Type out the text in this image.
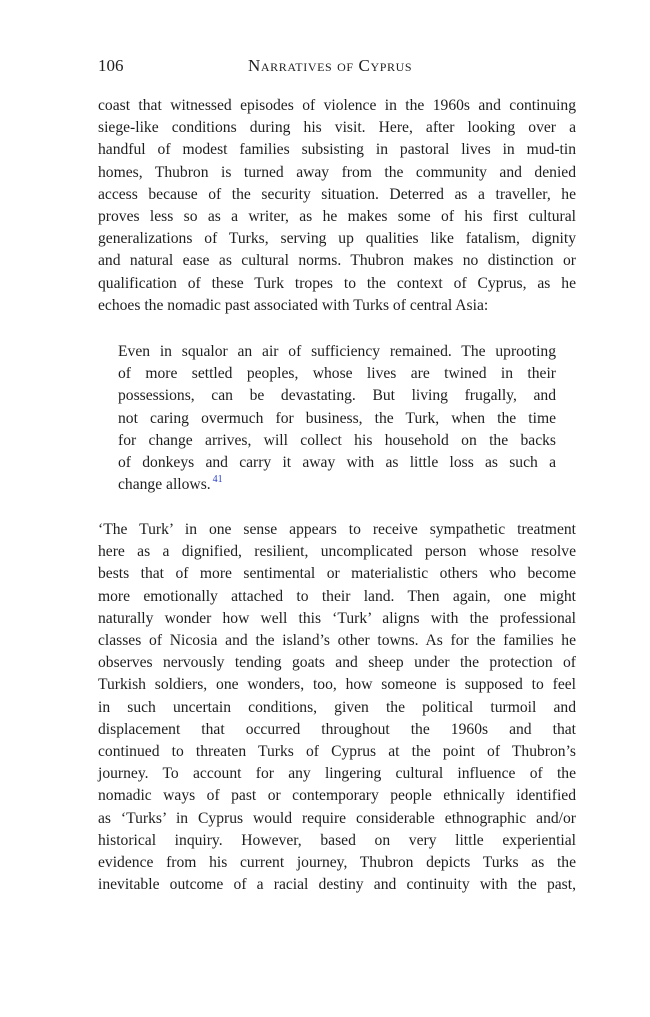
106	Narratives of Cyprus
coast that witnessed episodes of violence in the 1960s and continuing
siege-like conditions during his visit. Here, after looking over a
handful of modest families subsisting in pastoral lives in mud-tin
homes, Thubron is turned away from the community and denied
access because of the security situation. Deterred as a traveller, he
proves less so as a writer, as he makes some of his first cultural
generalizations of Turks, serving up qualities like fatalism, dignity
and natural ease as cultural norms. Thubron makes no distinction or
qualification of these Turk tropes to the context of Cyprus, as he
echoes the nomadic past associated with Turks of central Asia:
Even in squalor an air of sufficiency remained. The uprooting
of more settled peoples, whose lives are twined in their
possessions, can be devastating. But living frugally, and
not caring overmuch for business, the Turk, when the time
for change arrives, will collect his household on the backs
of donkeys and carry it away with as little loss as such a
change allows. $^{41}$
‘The Turk’ in one sense appears to receive sympathetic treatment
here as a dignified, resilient, uncomplicated person whose resolve
bests that of more sentimental or materialistic others who become
more emotionally attached to their land. Then again, one might
naturally wonder how well this ‘Turk’ aligns with the professional
classes of Nicosia and the island’s other towns. As for the families he
observes nervously tending goats and sheep under the protection of
Turkish soldiers, one wonders, too, how someone is supposed to feel
in such uncertain conditions, given the political turmoil and
displacement that occurred throughout the 1960s and that
continued to threaten Turks of Cyprus at the point of Thubron’s
journey. To account for any lingering cultural influence of the
nomadic ways of past or contemporary people ethnically identified
as ‘Turks’ in Cyprus would require considerable ethnographic and/or
historical inquiry. However, based on very little experiential
evidence from his current journey, Thubron depicts Turks as the
inevitable outcome of a racial destiny and continuity with the past,
